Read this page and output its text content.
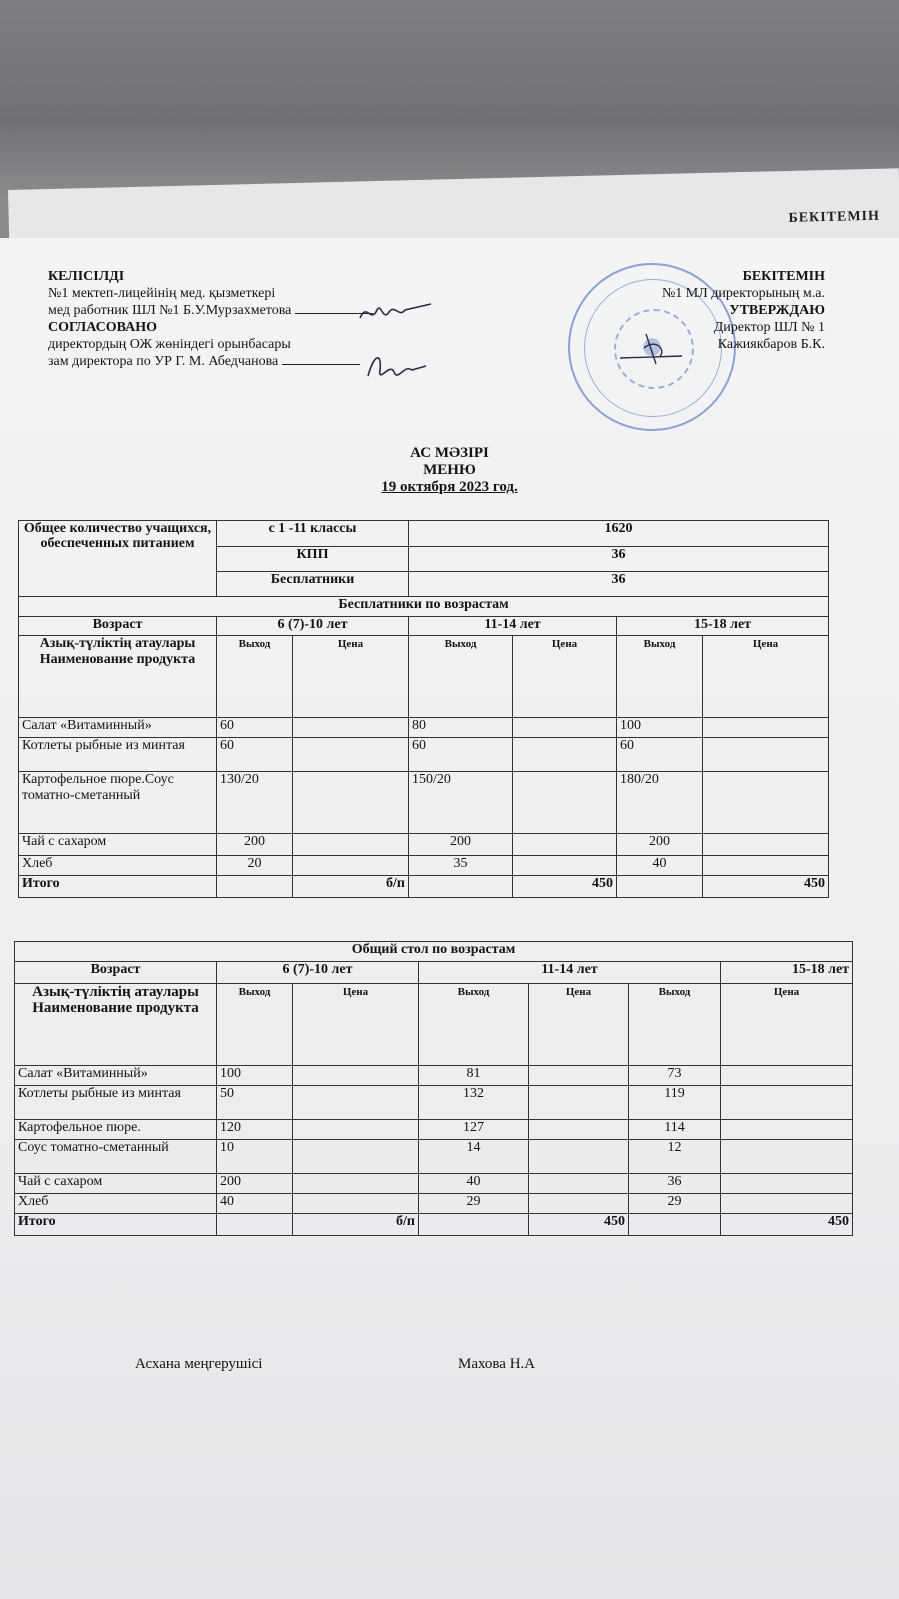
БЕКІТЕМІН
КЕЛІСІЛДІ
№1 мектеп-лицейінің мед. қызметкері
мед работник ШЛ №1 Б.У.Мурзахметова
СОГЛАСОВАНО
директордың ОЖ жөніндегі орынбасары
зам директора по УР Г. М. Абедчанова
БЕКІТЕМІН
№1 МЛ директорының м.а.
УТВЕРЖДАЮ
Директор ШЛ № 1
Кажиякбаров Б.К.
АС МӘЗІРІ
МЕНЮ
19 октября 2023 год.
Общее количество учащихся, обеспеченных питанием	с 1 -11 классы		1620			
	КПП		36			
	Бесплатники		36			
Бесплатники по возрастам						
Возраст	6 (7)-10 лет		11-14 лет		15-18 лет	
Азық-түліктің атаулары Наименование продукта	Выход	Цена	Выход	Цена	Выход	Цена
Салат «Витаминный»	60		80		100	
Котлеты рыбные из минтая	60		60		60	
Картофельное пюре.Соус томатно-сметанный	130/20		150/20		180/20	
Чай с сахаром	200		200		200	
Хлеб	20		35		40	
Итого		б/п		450		450
Общий стол по возрастам						
Возраст	6 (7)-10 лет		11-14 лет			15-18 лет
Азық-түліктің атаулары Наименование продукта	Выход	Цена	Выход	Цена	Выход	Цена
Салат «Витаминный»	100		81		73	
Котлеты рыбные из минтая	50		132		119	
Картофельное пюре.	120		127		114	
Соус томатно-сметанный	10		14		12	
Чай с сахаром	200		40		36	
Хлеб	40		29		29	
Итого		б/п		450		450
Асхана меңгерушісі	Махова Н.А
